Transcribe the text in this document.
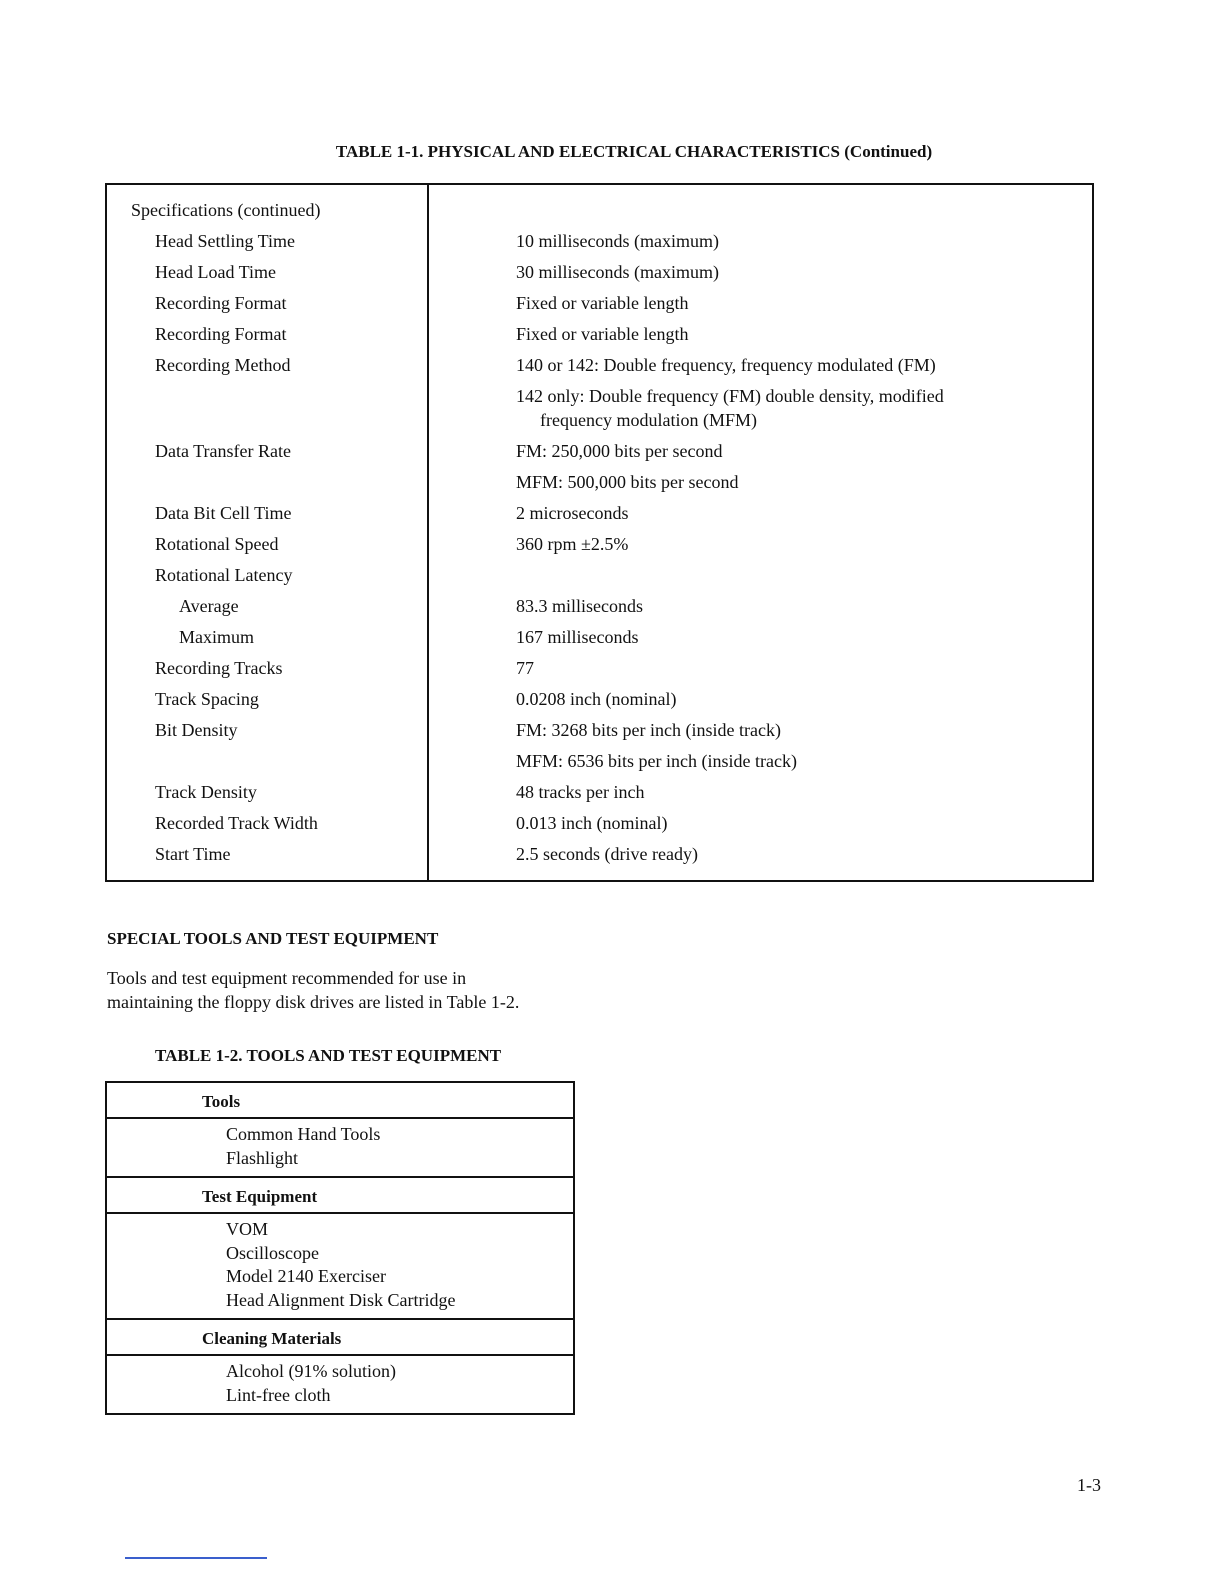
TABLE 1-1. PHYSICAL AND ELECTRICAL CHARACTERISTICS (Continued)
Specifications (continued)
Head Settling Time	10 milliseconds (maximum)
Head Load Time	30 milliseconds (maximum)
Recording Format	Fixed or variable length
Recording Format	Fixed or variable length
Recording Method	140 or 142: Double frequency, frequency modulated (FM)
142 only: Double frequency (FM) double density, modified
frequency modulation (MFM)
Data Transfer Rate	FM: 250,000 bits per second
MFM: 500,000 bits per second
Data Bit Cell Time	2 microseconds
Rotational Speed	360 rpm ±2.5%
Rotational Latency
Average	83.3 milliseconds
Maximum	167 milliseconds
Recording Tracks	77
Track Spacing	0.0208 inch (nominal)
Bit Density	FM: 3268 bits per inch (inside track)
MFM: 6536 bits per inch (inside track)
Track Density	48 tracks per inch
Recorded Track Width	0.013 inch (nominal)
Start Time	2.5 seconds (drive ready)
SPECIAL TOOLS AND TEST EQUIPMENT
Tools and test equipment recommended for use in
maintaining the floppy disk drives are listed in Table 1-2.
TABLE 1-2. TOOLS AND TEST EQUIPMENT
Tools
Common Hand Tools
Flashlight
Test Equipment
VOM
Oscilloscope
Model 2140 Exerciser
Head Alignment Disk Cartridge
Cleaning Materials
Alcohol (91% solution)
Lint-free cloth
1-3
